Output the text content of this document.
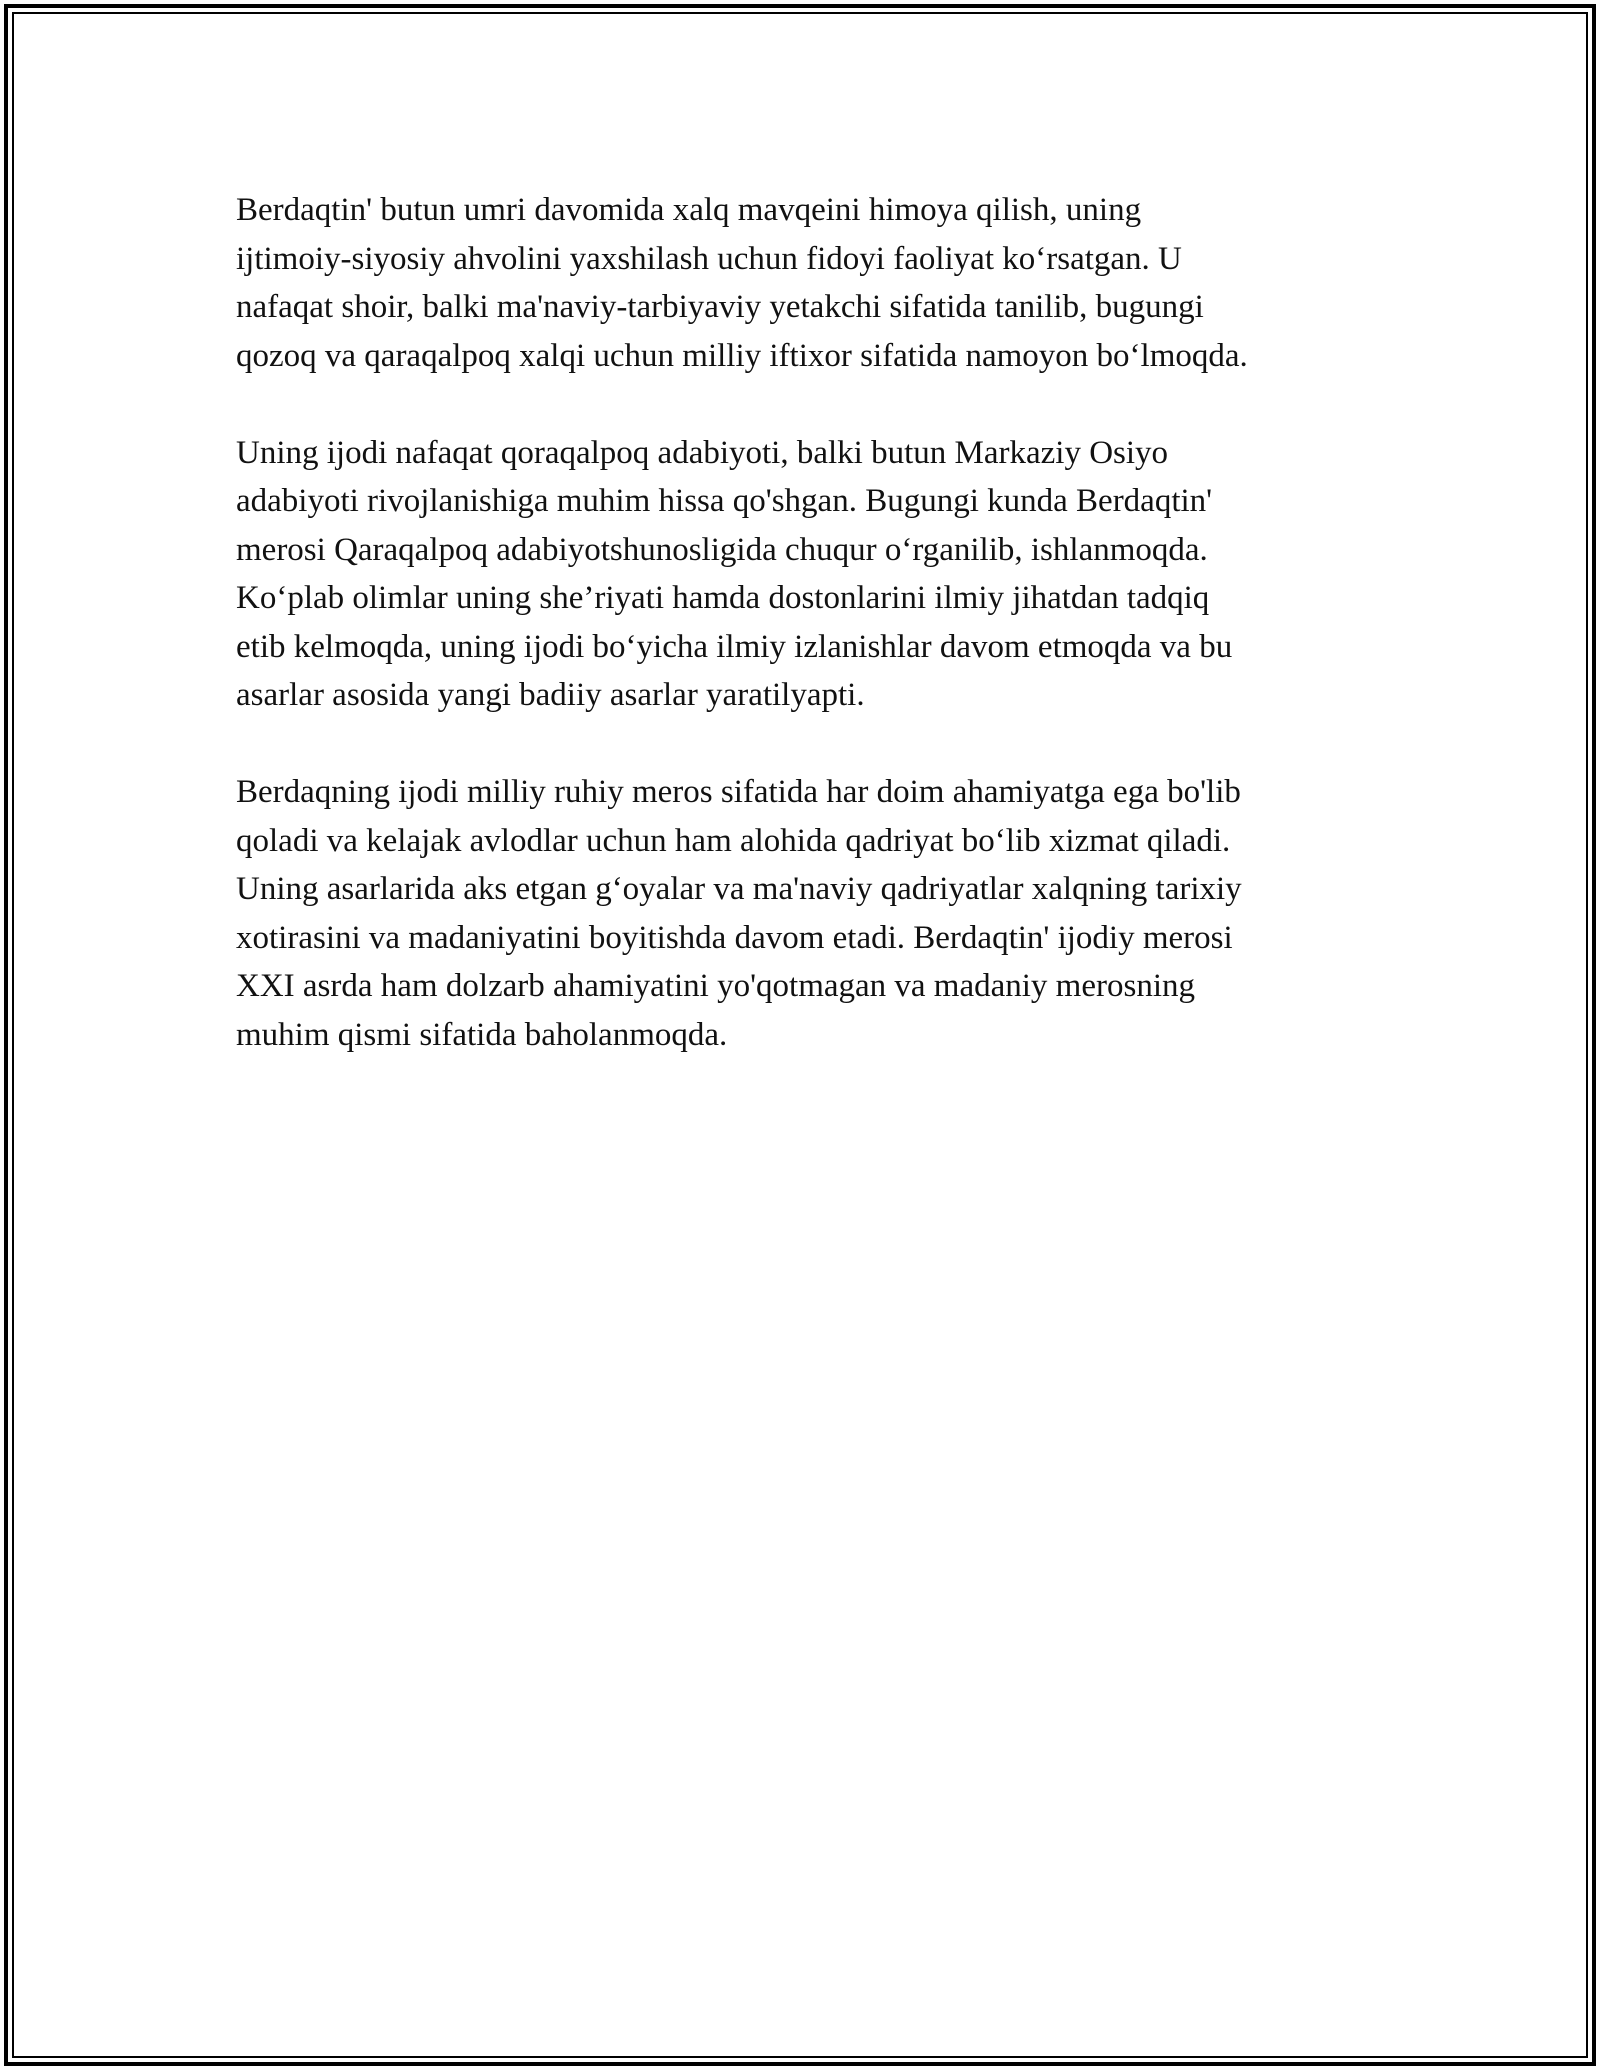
Berdaqtin' butun umri davomida xalq mavqeini himoya qilish, uning
ijtimoiy-siyosiy ahvolini yaxshilash uchun fidoyi faoliyat ko‘rsatgan. U
nafaqat shoir, balki ma'naviy-tarbiyaviy yetakchi sifatida tanilib, bugungi
qozoq va qaraqalpoq xalqi uchun milliy iftixor sifatida namoyon bo‘lmoqda.

Uning ijodi nafaqat qoraqalpoq adabiyoti, balki butun Markaziy Osiyo
adabiyoti rivojlanishiga muhim hissa qo'shgan. Bugungi kunda Berdaqtin'
merosi Qaraqalpoq adabiyotshunosligida chuqur o‘rganilib, ishlanmoqda.
Ko‘plab olimlar uning she’riyati hamda dostonlarini ilmiy jihatdan tadqiq
etib kelmoqda, uning ijodi bo‘yicha ilmiy izlanishlar davom etmoqda va bu
asarlar asosida yangi badiiy asarlar yaratilyapti.

Berdaqning ijodi milliy ruhiy meros sifatida har doim ahamiyatga ega bo'lib
qoladi va kelajak avlodlar uchun ham alohida qadriyat bo‘lib xizmat qiladi.
Uning asarlarida aks etgan g‘oyalar va ma'naviy qadriyatlar xalqning tarixiy
xotirasini va madaniyatini boyitishda davom etadi. Berdaqtin' ijodiy merosi
XXI asrda ham dolzarb ahamiyatini yo'qotmagan va madaniy merosning
muhim qismi sifatida baholanmoqda.
